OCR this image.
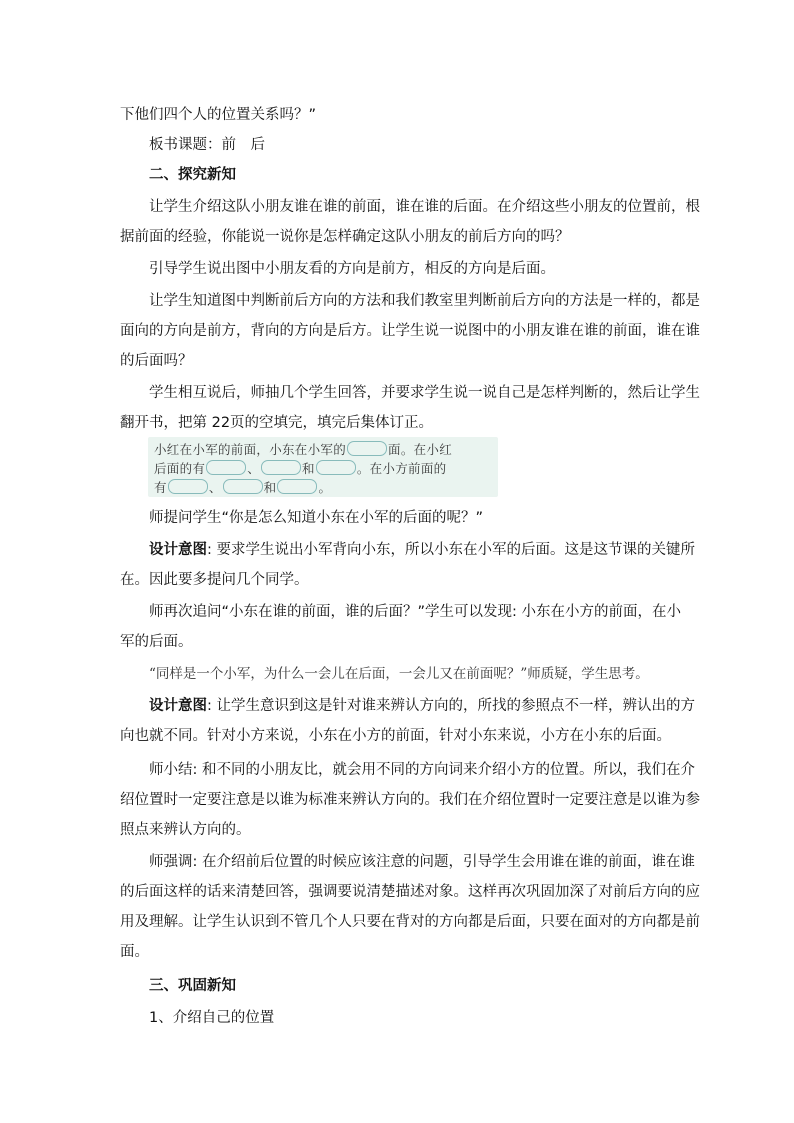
下他们四个人的位置关系吗？”

板书课题：前　后

二、探究新知

让学生介绍这队小朋友谁在谁的前面，谁在谁的后面。在介绍这些小朋友的位置前，根

据前面的经验，你能说一说你是怎样确定这队小朋友的前后方向的吗？

引导学生说出图中小朋友看的方向是前方，相反的方向是后面。

让学生知道图中判断前后方向的方法和我们教室里判断前后方向的方法是一样的，都是

面向的方向是前方，背向的方向是后方。让学生说一说图中的小朋友谁在谁的前面，谁在谁

的后面吗？

学生相互说后，师抽几个学生回答，并要求学生说一说自己是怎样判断的，然后让学生

翻开书，把第 22页的空填完，填完后集体订正。

小红在小军的前面，小东在小军的	面。在小红
后面的有	、	和	。在小方前面的
有	、	和	。

师提问学生“你是怎么知道小东在小军的后面的呢？”

设计意图: 要求学生说出小军背向小东，所以小东在小军的后面。这是这节课的关键所

在。因此要多提问几个同学。

师再次追问“小东在谁的前面，谁的后面？”学生可以发现: 小东在小方的前面，在小

军的后面。

“同样是一个小军，为什么一会儿在后面，一会儿又在前面呢？”师质疑，学生思考。

设计意图: 让学生意识到这是针对谁来辨认方向的，所找的参照点不一样，辨认出的方

向也就不同。针对小方来说，小东在小方的前面，针对小东来说，小方在小东的后面。

师小结: 和不同的小朋友比，就会用不同的方向词来介绍小方的位置。所以，我们在介

绍位置时一定要注意是以谁为标准来辨认方向的。我们在介绍位置时一定要注意是以谁为参

照点来辨认方向的。

师强调: 在介绍前后位置的时候应该注意的问题，引导学生会用谁在谁的前面，谁在谁

的后面这样的话来清楚回答，强调要说清楚描述对象。这样再次巩固加深了对前后方向的应

用及理解。让学生认识到不管几个人只要在背对的方向都是后面，只要在面对的方向都是前

面。

三、巩固新知

1、介绍自己的位置
